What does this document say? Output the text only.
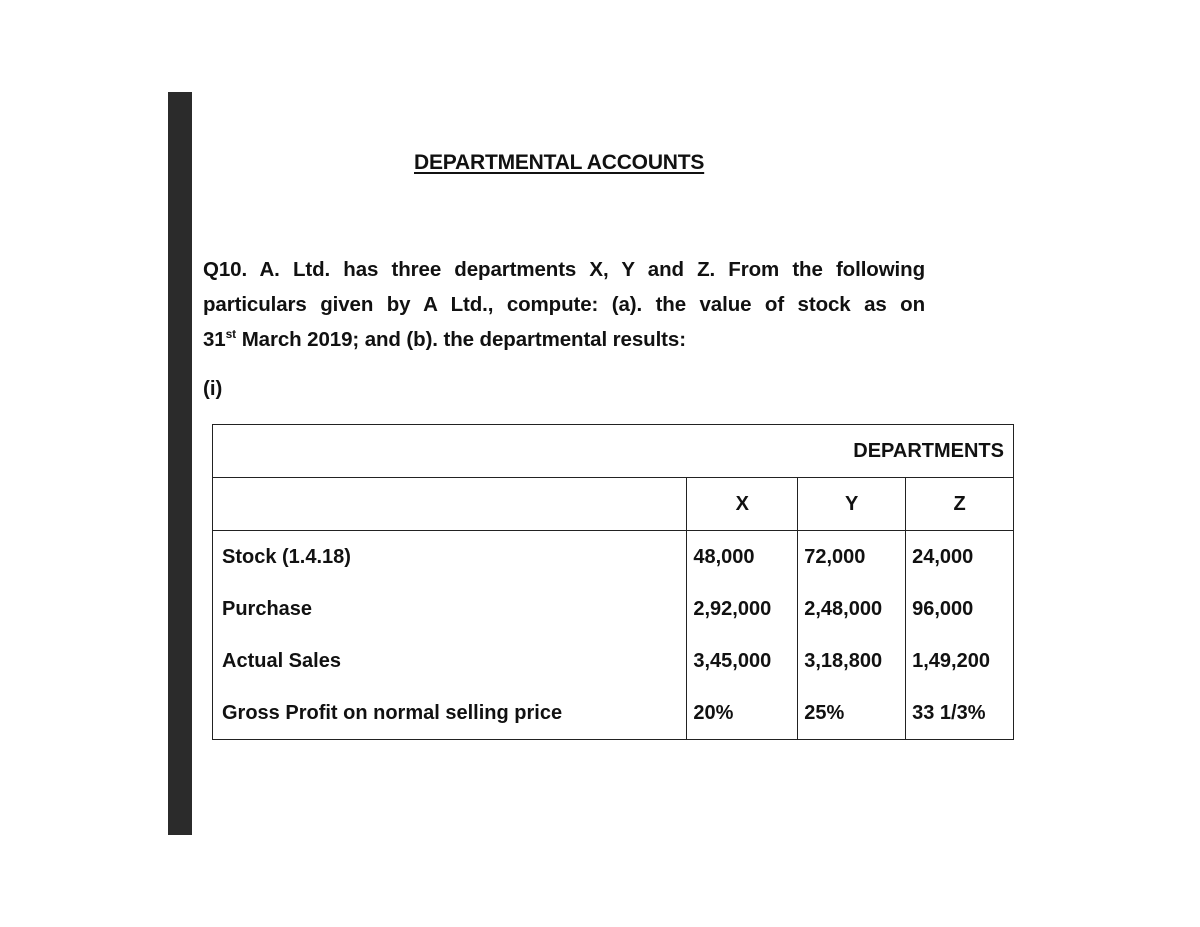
DEPARTMENTAL ACCOUNTS
Q10. A. Ltd. has three departments X, Y and Z. From the following
particulars given by A Ltd., compute: (a). the value of stock as on
31st March 2019; and (b). the departmental results:
(i)
DEPARTMENTS			
	X	Y	Z
Stock (1.4.18)	48,000	72,000	24,000
Purchase	2,92,000	2,48,000	96,000
Actual Sales	3,45,000	3,18,800	1,49,200
Gross Profit on normal selling price	20%	25%	33 1/3%
